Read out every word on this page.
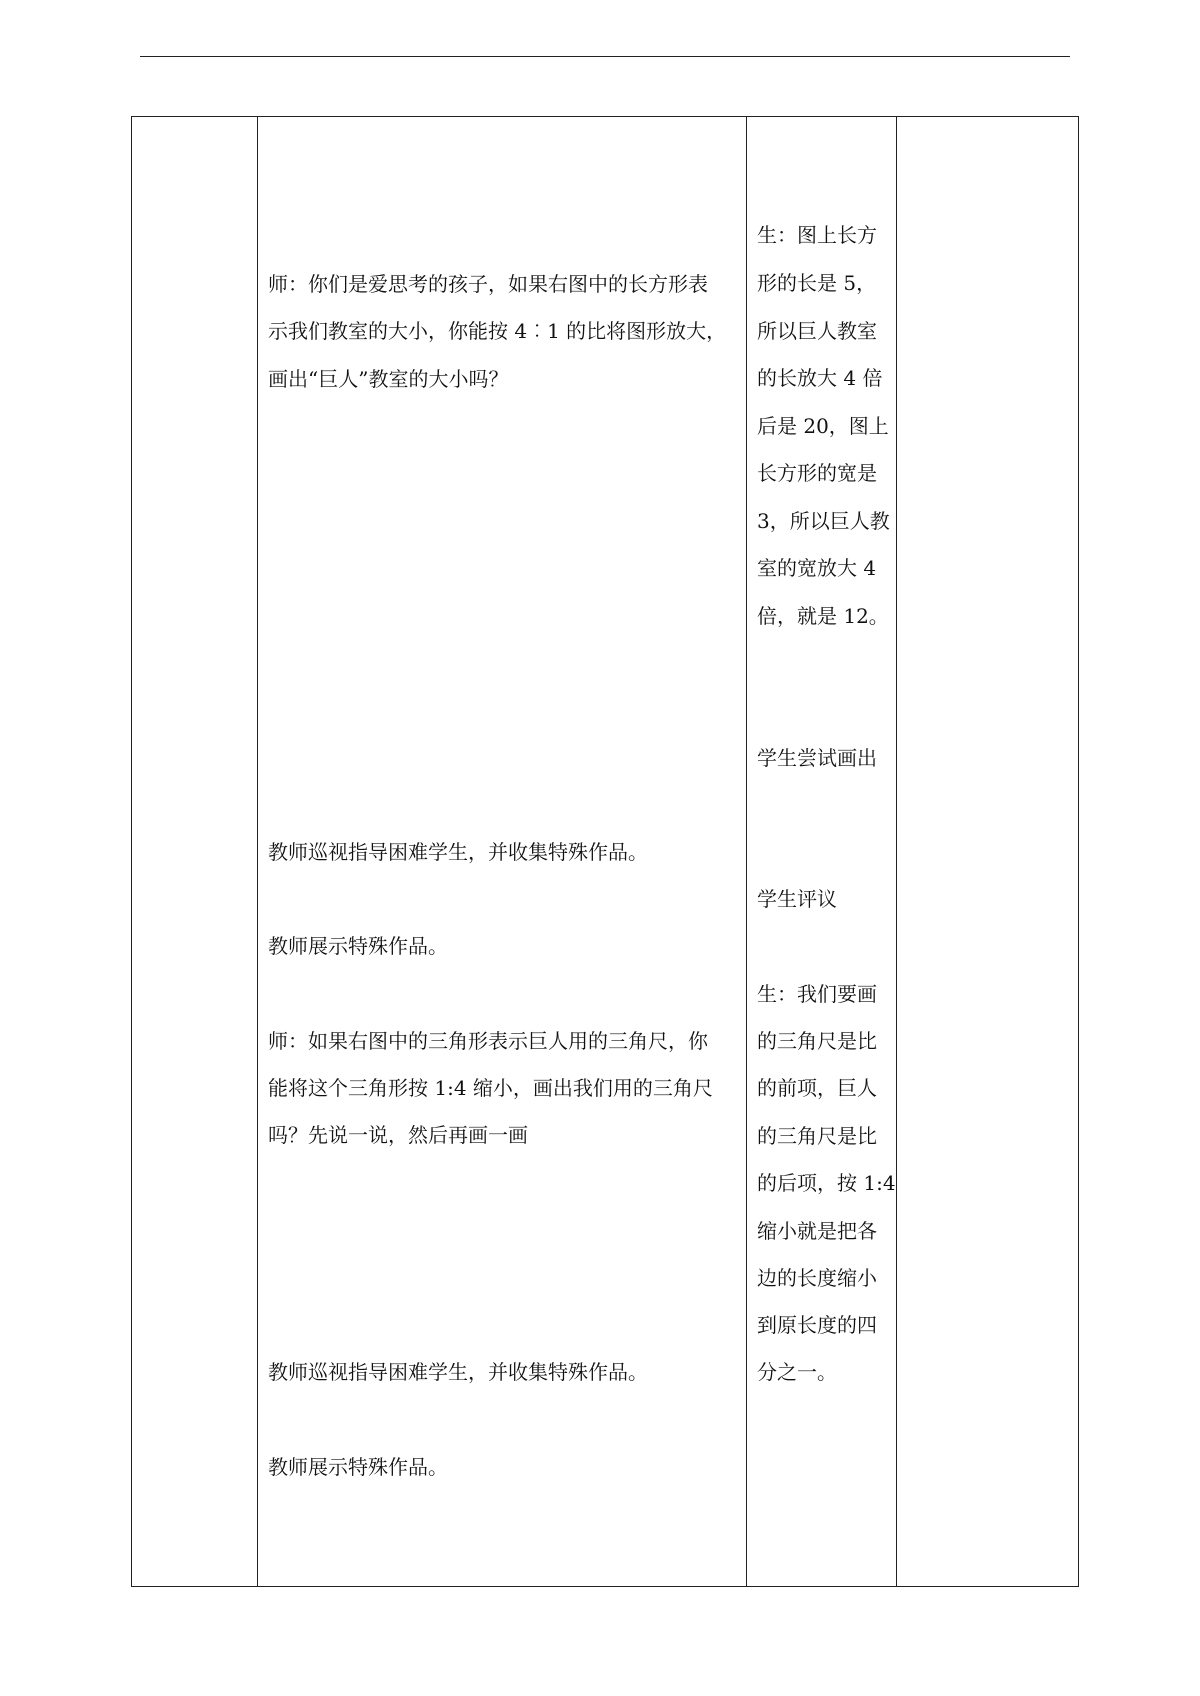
师：你们是爱思考的孩子，如果右图中的长方形表
示我们教室的大小，你能按 4︰1 的比将图形放大，
画出“巨人”教室的大小吗？
教师巡视指导困难学生，并收集特殊作品。
教师展示特殊作品。
师：如果右图中的三角形表示巨人用的三角尺，你
能将这个三角形按 1:4 缩小，画出我们用的三角尺
吗？先说一说，然后再画一画
教师巡视指导困难学生，并收集特殊作品。
教师展示特殊作品。
生：图上长方
形的长是 5，
所以巨人教室
的长放大 4 倍
后是 20，图上
长方形的宽是
3，所以巨人教
室的宽放大 4
倍，就是 12。
学生尝试画出
学生评议
生：我们要画
的三角尺是比
的前项，巨人
的三角尺是比
的后项，按 1:4
缩小就是把各
边的长度缩小
到原长度的四
分之一。
